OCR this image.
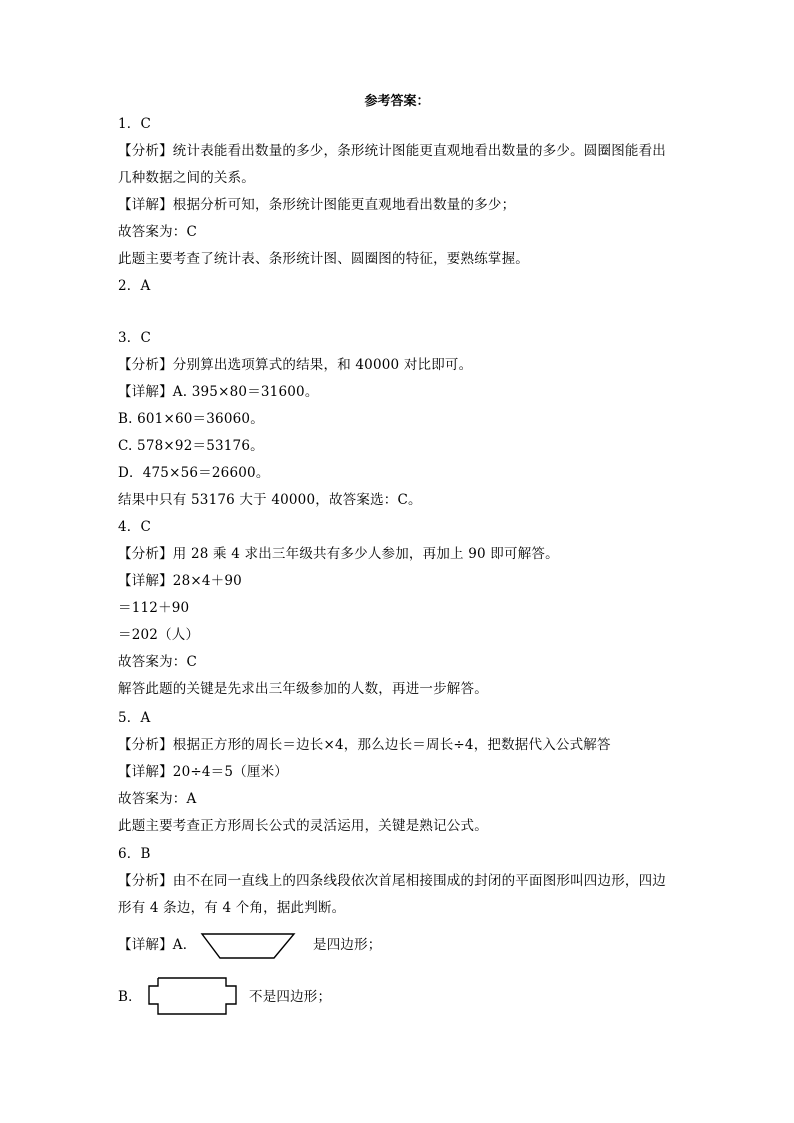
参考答案：
1．C
【分析】统计表能看出数量的多少，条形统计图能更直观地看出数量的多少。圆圈图能看出
几种数据之间的关系。
【详解】根据分析可知，条形统计图能更直观地看出数量的多少；
故答案为：C
此题主要考查了统计表、条形统计图、圆圈图的特征，要熟练掌握。
2．A
3．C
【分析】分别算出选项算式的结果，和 40000 对比即可。
【详解】A. 395×80＝31600。
B. 601×60＝36060。
C. 578×92＝53176。
D．475×56＝26600。
结果中只有 53176 大于 40000，故答案选：C。
4．C
【分析】用 28 乘 4 求出三年级共有多少人参加，再加上 90 即可解答。
【详解】28×4＋90
＝112＋90
＝202（人）
故答案为：C
解答此题的关键是先求出三年级参加的人数，再进一步解答。
5．A
【分析】根据正方形的周长＝边长×4，那么边长＝周长÷4，把数据代入公式解答
【详解】20÷4＝5（厘米）
故答案为：A
此题主要考查正方形周长公式的灵活运用，关键是熟记公式。
6．B
【分析】由不在同一直线上的四条线段依次首尾相接围成的封闭的平面图形叫四边形，四边
形有 4 条边，有 4 个角，据此判断。
【详解】A．	是四边形；
B．	不是四边形；
